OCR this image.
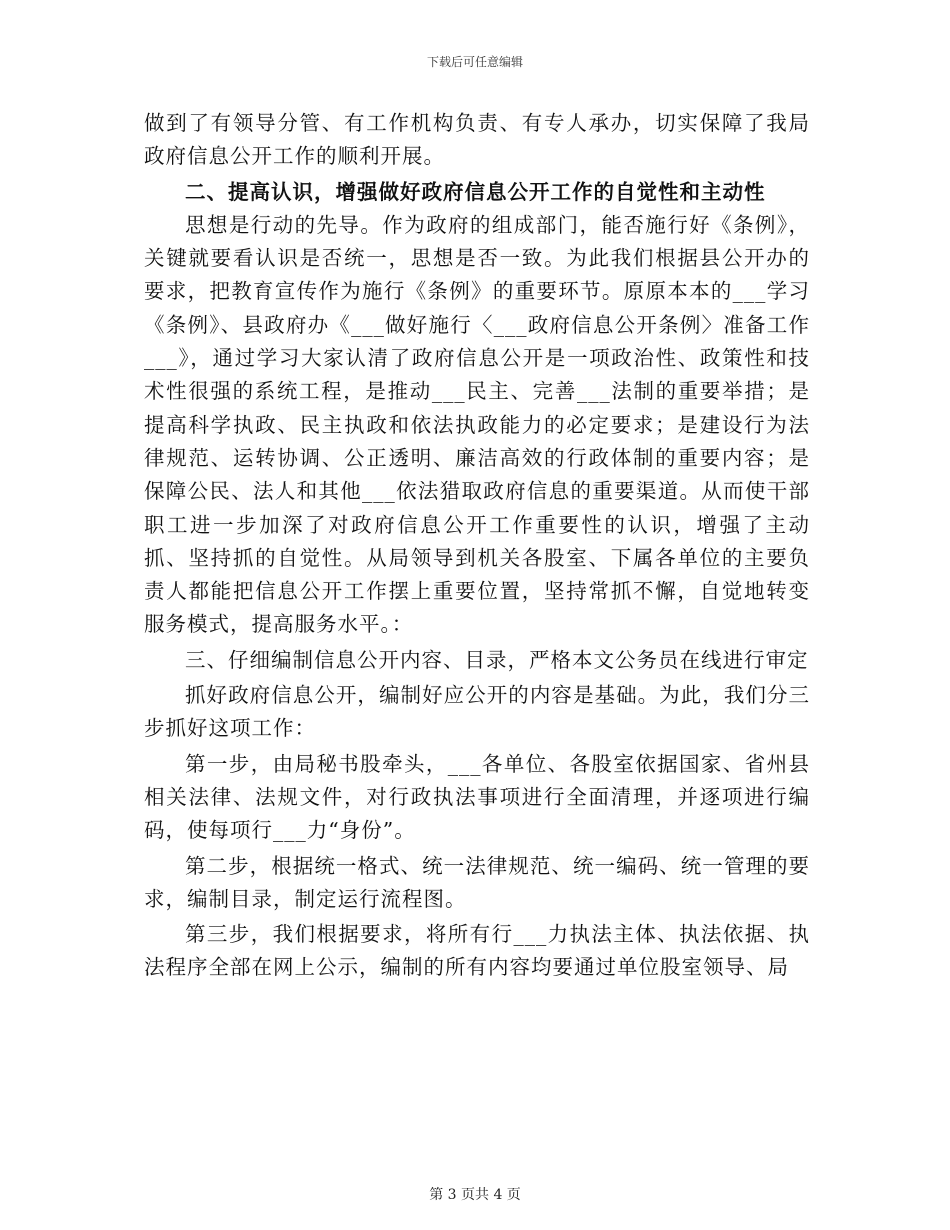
下载后可任意编辑

做到了有领导分管、有工作机构负责、有专人承办，切实保障了我局政府信息公开工作的顺利开展。

二、提高认识，增强做好政府信息公开工作的自觉性和主动性

思想是行动的先导。作为政府的组成部门，能否施行好《条例》，关键就要看认识是否统一，思想是否一致。为此我们根据县公开办的要求，把教育宣传作为施行《条例》的重要环节。原原本本的___学习《条例》、县政府办《___做好施行〈___政府信息公开条例〉准备工作___》，通过学习大家认清了政府信息公开是一项政治性、政策性和技术性很强的系统工程，是推动___民主、完善___法制的重要举措；是提高科学执政、民主执政和依法执政能力的必定要求；是建设行为法律规范、运转协调、公正透明、廉洁高效的行政体制的重要内容；是保障公民、法人和其他___依法猎取政府信息的重要渠道。从而使干部职工进一步加深了对政府信息公开工作重要性的认识，增强了主动抓、坚持抓的自觉性。从局领导到机关各股室、下属各单位的主要负责人都能把信息公开工作摆上重要位置，坚持常抓不懈，自觉地转变服务模式，提高服务水平。：

三、仔细编制信息公开内容、目录，严格本文公务员在线进行审定

抓好政府信息公开，编制好应公开的内容是基础。为此，我们分三步抓好这项工作：

第一步，由局秘书股牵头，___各单位、各股室依据国家、省州县相关法律、法规文件，对行政执法事项进行全面清理，并逐项进行编码，使每项行___力“身份”。

第二步，根据统一格式、统一法律规范、统一编码、统一管理的要求，编制目录，制定运行流程图。

第三步，我们根据要求，将所有行___力执法主体、执法依据、执法程序全部在网上公示，编制的所有内容均要通过单位股室领导、局

第 3 页共 4 页
